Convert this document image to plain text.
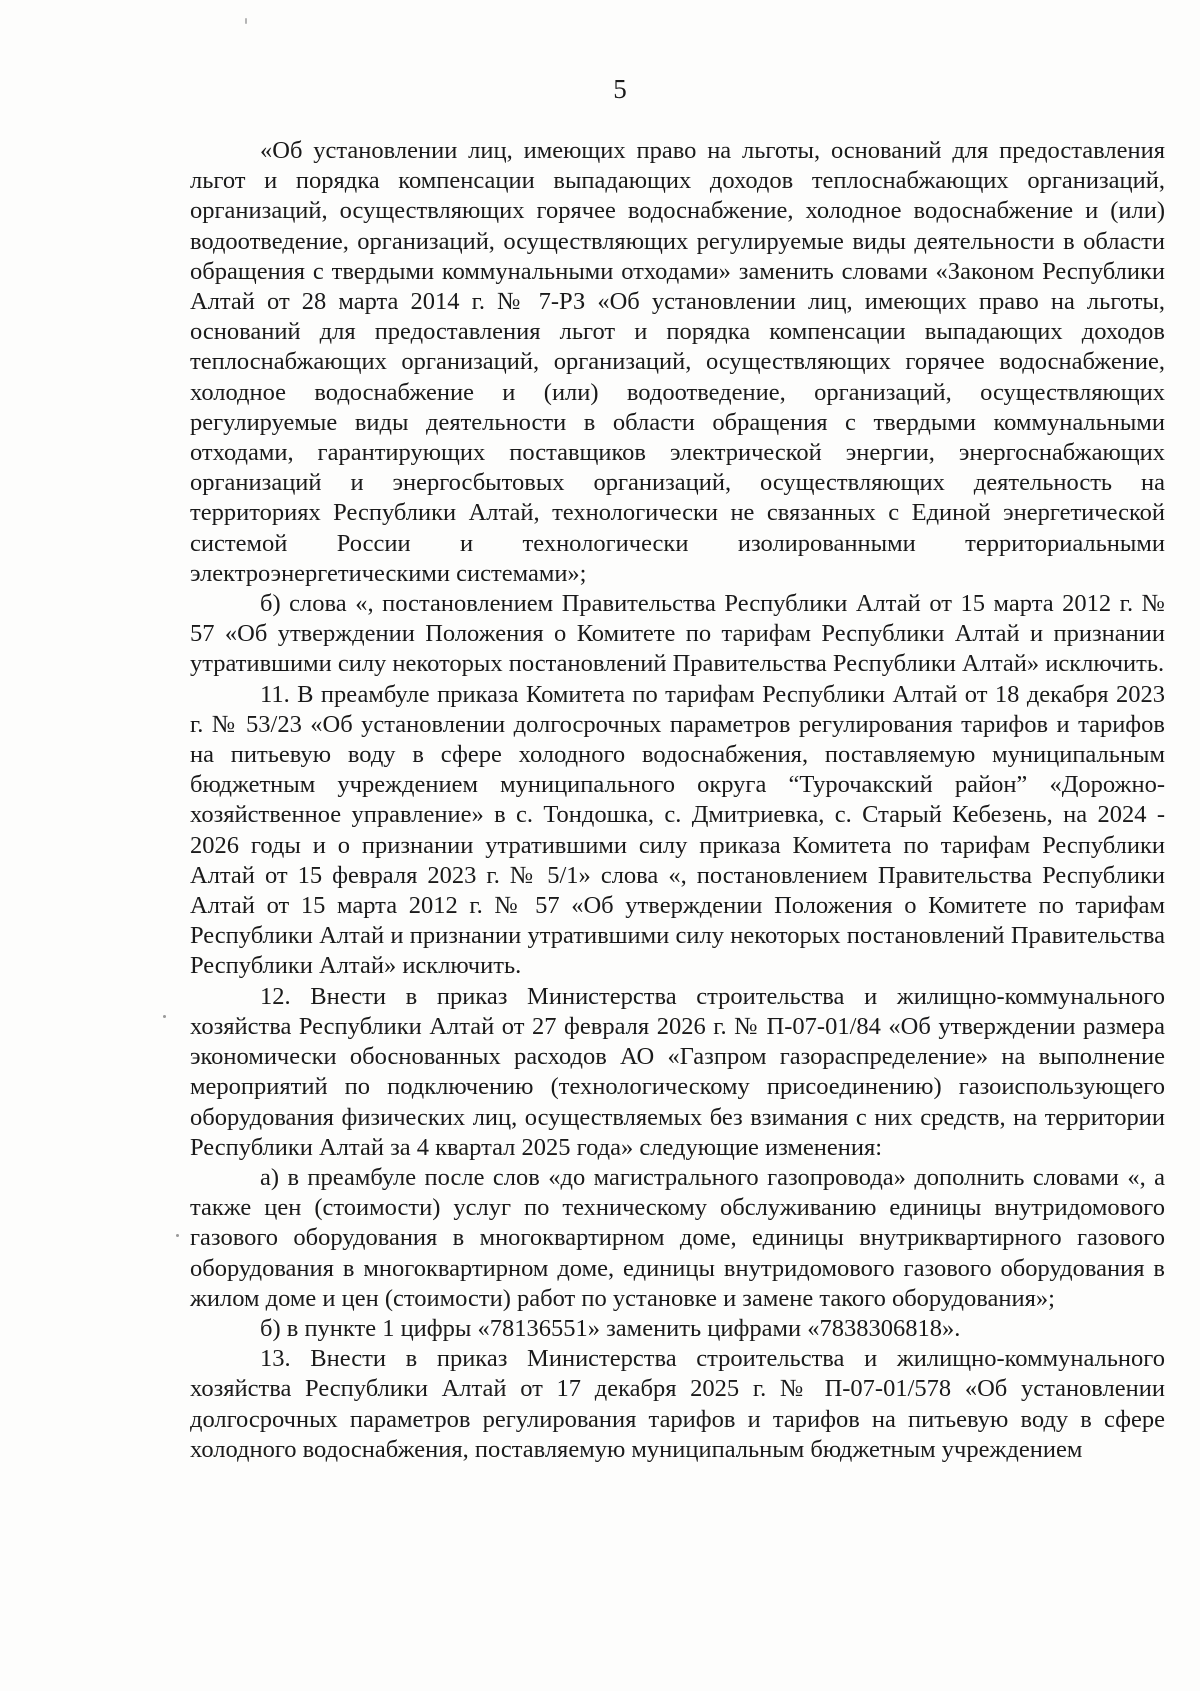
5

«Об установлении лиц, имеющих право на льготы, оснований для предоставления льгот и порядка компенсации выпадающих доходов теплоснабжающих организаций, организаций, осуществляющих горячее водоснабжение, холодное водоснабжение и (или) водоотведение, организаций, осуществляющих регулируемые виды деятельности в области обращения с твердыми коммунальными отходами» заменить словами «Законом Республики Алтай от 28 марта 2014 г. № 7-РЗ «Об установлении лиц, имеющих право на льготы, оснований для предоставления льгот и порядка компенсации выпадающих доходов теплоснабжающих организаций, организаций, осуществляющих горячее водоснабжение, холодное водоснабжение и (или) водоотведение, организаций, осуществляющих регулируемые виды деятельности в области обращения с твердыми коммунальными отходами, гарантирующих поставщиков электрической энергии, энергоснабжающих организаций и энергосбытовых организаций, осуществляющих деятельность на территориях Республики Алтай, технологически не связанных с Единой энергетической системой России и технологически изолированными территориальными электроэнергетическими системами»;

б) слова «, постановлением Правительства Республики Алтай от 15 марта 2012 г. № 57 «Об утверждении Положения о Комитете по тарифам Республики Алтай и признании утратившими силу некоторых постановлений Правительства Республики Алтай» исключить.

11. В преамбуле приказа Комитета по тарифам Республики Алтай от 18 декабря 2023 г. № 53/23 «Об установлении долгосрочных параметров регулирования тарифов и тарифов на питьевую воду в сфере холодного водоснабжения, поставляемую муниципальным бюджетным учреждением муниципального округа “Турочакский район” «Дорожно-хозяйственное управление» в с. Тондошка, с. Дмитриевка, с. Старый Кебезень, на 2024 - 2026 годы и о признании утратившими силу приказа Комитета по тарифам Республики Алтай от 15 февраля 2023 г. № 5/1» слова «, постановлением Правительства Республики Алтай от 15 марта 2012 г. № 57 «Об утверждении Положения о Комитете по тарифам Республики Алтай и признании утратившими силу некоторых постановлений Правительства Республики Алтай» исключить.

12. Внести в приказ Министерства строительства и жилищно-коммунального хозяйства Республики Алтай от 27 февраля 2026 г. № П-07-01/84 «Об утверждении размера экономически обоснованных расходов АО «Газпром газораспределение» на выполнение мероприятий по подключению (технологическому присоединению) газоиспользующего оборудования физических лиц, осуществляемых без взимания с них средств, на территории Республики Алтай за 4 квартал 2025 года» следующие изменения:

а) в преамбуле после слов «до магистрального газопровода» дополнить словами «, а также цен (стоимости) услуг по техническому обслуживанию единицы внутридомового газового оборудования в многоквартирном доме, единицы внутриквартирного газового оборудования в многоквартирном доме, единицы внутридомового газового оборудования в жилом доме и цен (стоимости) работ по установке и замене такого оборудования»;

б) в пункте 1 цифры «78136551» заменить цифрами «7838306818».

13. Внести в приказ Министерства строительства и жилищно-коммунального хозяйства Республики Алтай от 17 декабря 2025 г. № П-07-01/578 «Об установлении долгосрочных параметров регулирования тарифов и тарифов на питьевую воду в сфере холодного водоснабжения, поставляемую муниципальным бюджетным учреждением
